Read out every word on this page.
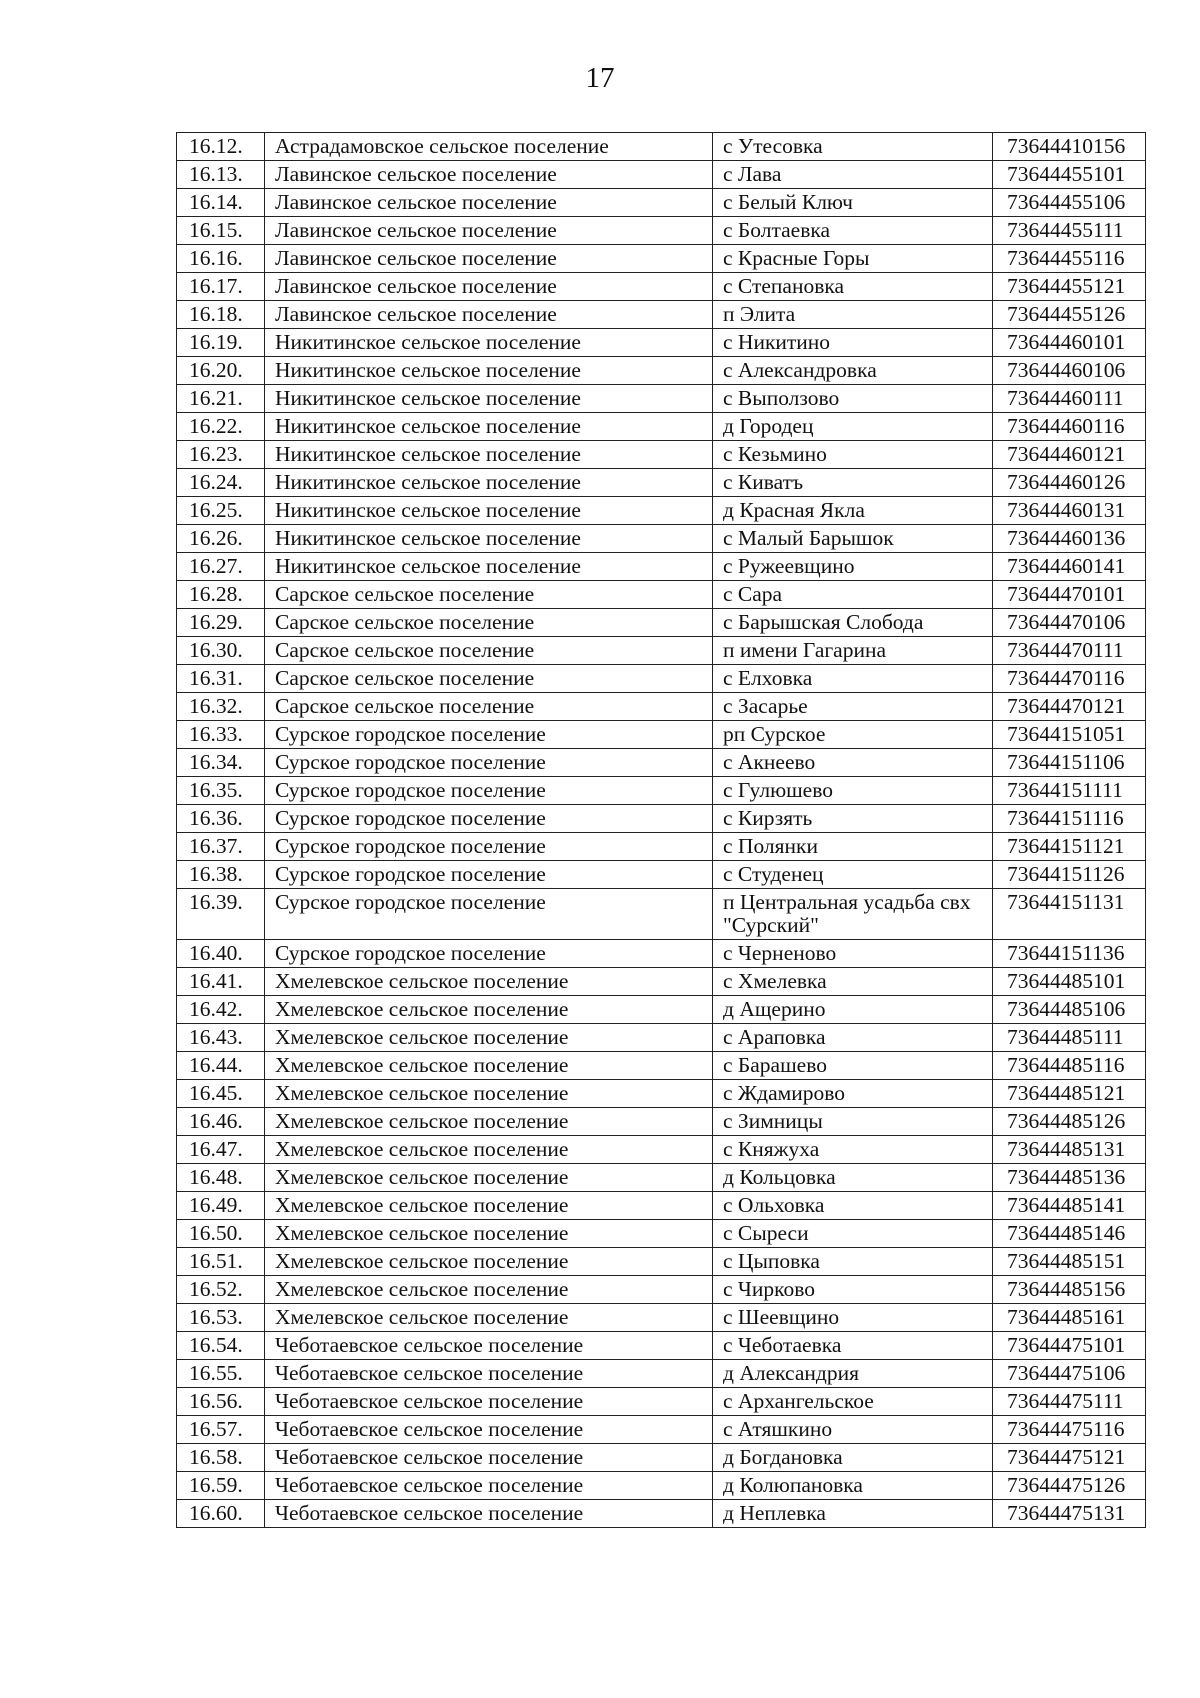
17
16.12.	Астрадамовское сельское поселение	с Утесовка	73644410156
16.13.	Лавинское сельское поселение	с Лава	73644455101
16.14.	Лавинское сельское поселение	с Белый Ключ	73644455106
16.15.	Лавинское сельское поселение	с Болтаевка	73644455111
16.16.	Лавинское сельское поселение	с Красные Горы	73644455116
16.17.	Лавинское сельское поселение	с Степановка	73644455121
16.18.	Лавинское сельское поселение	п Элита	73644455126
16.19.	Никитинское сельское поселение	с Никитино	73644460101
16.20.	Никитинское сельское поселение	с Александровка	73644460106
16.21.	Никитинское сельское поселение	с Выползово	73644460111
16.22.	Никитинское сельское поселение	д Городец	73644460116
16.23.	Никитинское сельское поселение	с Кезьмино	73644460121
16.24.	Никитинское сельское поселение	с Киватъ	73644460126
16.25.	Никитинское сельское поселение	д Красная Якла	73644460131
16.26.	Никитинское сельское поселение	с Малый Барышок	73644460136
16.27.	Никитинское сельское поселение	с Ружеевщино	73644460141
16.28.	Сарское сельское поселение	с Сара	73644470101
16.29.	Сарское сельское поселение	с Барышская Слобода	73644470106
16.30.	Сарское сельское поселение	п имени Гагарина	73644470111
16.31.	Сарское сельское поселение	с Елховка	73644470116
16.32.	Сарское сельское поселение	с Засарье	73644470121
16.33.	Сурское городское поселение	рп Сурское	73644151051
16.34.	Сурское городское поселение	с Акнеево	73644151106
16.35.	Сурское городское поселение	с Гулюшево	73644151111
16.36.	Сурское городское поселение	с Кирзять	73644151116
16.37.	Сурское городское поселение	с Полянки	73644151121
16.38.	Сурское городское поселение	с Студенец	73644151126
16.39.	Сурское городское поселение	п Центральная усадьба свх "Сурский"	73644151131
16.40.	Сурское городское поселение	с Черненово	73644151136
16.41.	Хмелевское сельское поселение	с Хмелевка	73644485101
16.42.	Хмелевское сельское поселение	д Ащерино	73644485106
16.43.	Хмелевское сельское поселение	с Араповка	73644485111
16.44.	Хмелевское сельское поселение	с Барашево	73644485116
16.45.	Хмелевское сельское поселение	с Ждамирово	73644485121
16.46.	Хмелевское сельское поселение	с Зимницы	73644485126
16.47.	Хмелевское сельское поселение	с Княжуха	73644485131
16.48.	Хмелевское сельское поселение	д Кольцовка	73644485136
16.49.	Хмелевское сельское поселение	с Ольховка	73644485141
16.50.	Хмелевское сельское поселение	с Сыреси	73644485146
16.51.	Хмелевское сельское поселение	с Цыповка	73644485151
16.52.	Хмелевское сельское поселение	с Чирково	73644485156
16.53.	Хмелевское сельское поселение	с Шеевщино	73644485161
16.54.	Чеботаевское сельское поселение	с Чеботаевка	73644475101
16.55.	Чеботаевское сельское поселение	д Александрия	73644475106
16.56.	Чеботаевское сельское поселение	с Архангельское	73644475111
16.57.	Чеботаевское сельское поселение	с Атяшкино	73644475116
16.58.	Чеботаевское сельское поселение	д Богдановка	73644475121
16.59.	Чеботаевское сельское поселение	д Колюпановка	73644475126
16.60.	Чеботаевское сельское поселение	д Неплевка	73644475131
